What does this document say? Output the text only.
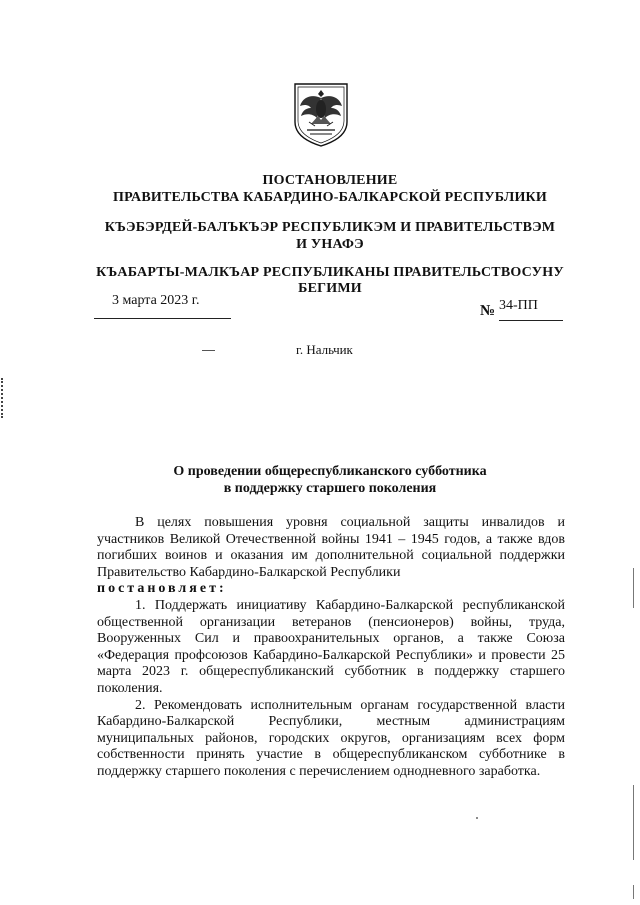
ПОСТАНОВЛЕНИЕ
ПРАВИТЕЛЬСТВА КАБАРДИНО-БАЛКАРСКОЙ РЕСПУБЛИКИ
КЪЭБЭРДЕЙ-БАЛЪКЪЭР РЕСПУБЛИКЭМ И ПРАВИТЕЛЬСТВЭМ И УНАФЭ
КЪАБАРТЫ-МАЛКЪАР РЕСПУБЛИКАНЫ ПРАВИТЕЛЬСТВОСУНУ
БЕГИМИ
3 марта 2023 г.
№ 34-ПП
г. Нальчик
О проведении общереспубликанского субботника
в поддержку старшего поколения

В целях повышения уровня социальной защиты инвалидов и участников Великой Отечественной войны 1941 – 1945 годов, а также вдов погибших воинов и оказания им дополнительной социальной поддержки Правительство Кабардино-Балкарской Республики

постановляет:

1. Поддержать инициативу Кабардино-Балкарской республиканской общественной организации ветеранов (пенсионеров) войны, труда, Вооруженных Сил и правоохранительных органов, а также Союза «Федерация профсоюзов Кабардино-Балкарской Республики» и провести 25 марта 2023 г. общереспубликанский субботник в поддержку старшего поколения.

2. Рекомендовать исполнительным органам государственной власти Кабардино-Балкарской Республики, местным администрациям муниципальных районов, городских округов, организациям всех форм собственности принять участие в общереспубликанском субботнике в поддержку старшего поколения с перечислением однодневного заработка.
